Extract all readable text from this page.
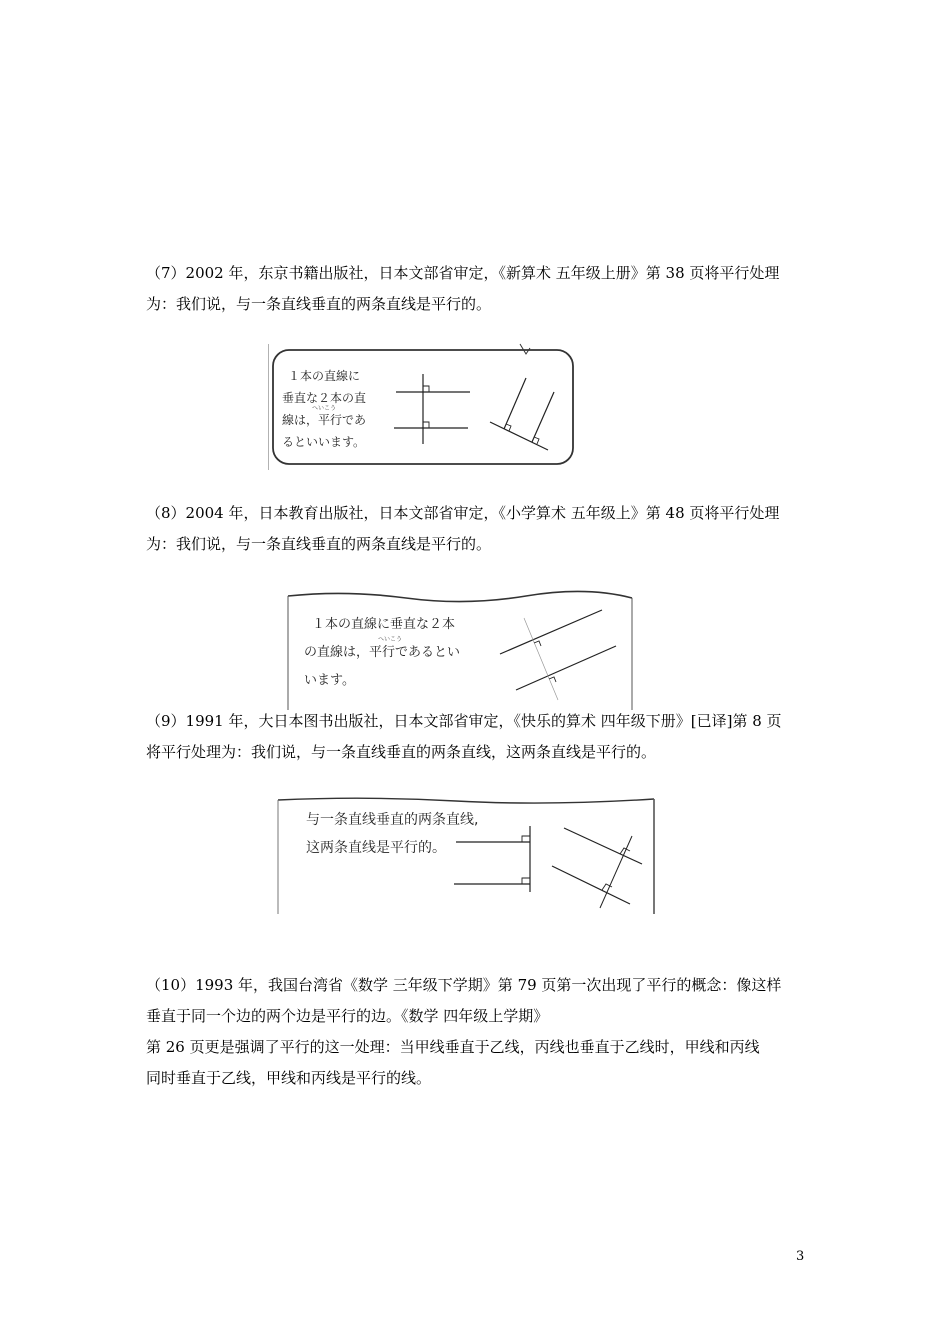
（7）2002 年，东京书籍出版社，日本文部省审定，《新算术 五年级上册》第 38 页将平行处理
为：我们说，与一条直线垂直的两条直线是平行的。
１本の直線に
垂直な２本の直
へいこう
線は，平行であ
るといいます。
（8）2004 年，日本教育出版社，日本文部省审定，《小学算术 五年级上》第 48 页将平行处理
为：我们说，与一条直线垂直的两条直线是平行的。
１本の直線に垂直な２本
へいこう
の直線は，平行であるとい
います。
（9）1991 年，大日本图书出版社，日本文部省审定，《快乐的算术 四年级下册》[已译]第 8 页
将平行处理为：我们说，与一条直线垂直的两条直线，这两条直线是平行的。
与一条直线垂直的两条直线,
这两条直线是平行的。
（10）1993 年，我国台湾省《数学 三年级下学期》第 79 页第一次出现了平行的概念：像这样
垂直于同一个边的两个边是平行的边。《数学 四年级上学期》
第 26 页更是强调了平行的这一处理：当甲线垂直于乙线，丙线也垂直于乙线时，甲线和丙线
同时垂直于乙线，甲线和丙线是平行的线。
3
